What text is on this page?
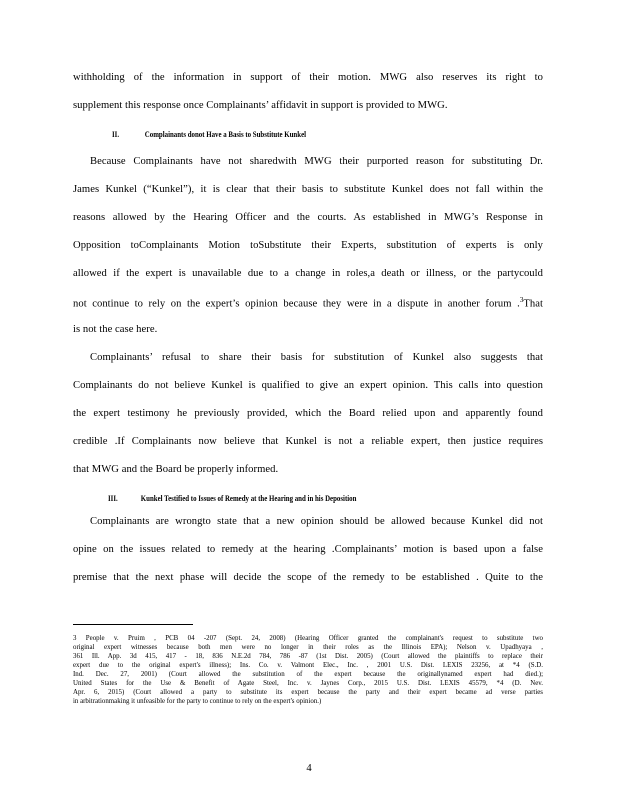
withholding of the information in support of their motion. MWG also reserves its right to
supplement this response once Complainants’ affidavit in support is provided to MWG.
II.	Complainants donot Have a Basis to Substitute Kunkel
Because Complainants have not sharedwith MWG their purported reason for substituting Dr.
James Kunkel (“Kunkel”), it is clear that their basis to substitute Kunkel does not fall within the
reasons allowed by the Hearing Officer and the courts. As established in MWG’s Response in
Opposition toComplainants Motion toSubstitute their Experts, substitution of experts is only
allowed if the expert is unavailable due to a change in roles,a death or illness, or the partycould
not continue to rely on the expert’s opinion because they were in a dispute in another forum .$^3$That
is not the case here.
Complainants’ refusal to share their basis for substitution of Kunkel also suggests that
Complainants do not believe Kunkel is qualified to give an expert opinion. This calls into question
the expert testimony he previously provided, which the Board relied upon and apparently found
credible .If Complainants now believe that Kunkel is not a reliable expert, then justice requires
that MWG and the Board be properly informed.
III.	Kunkel Testified to Issues of Remedy at the Hearing and in his Deposition
Complainants are wrongto state that a new opinion should be allowed because Kunkel did not
opine on the issues related to remedy at the hearing .Complainants’ motion is based upon a false
premise that the next phase will decide the scope of the remedy to be established . Quite to the
3 People v. Pruim , PCB 04 -207 (Sept. 24, 2008) (Hearing Officer granted the complainant's request to substitute two
original expert witnesses because both men were no longer in their roles as the Illinois EPA); Nelson v. Upadhyaya ,
361 Ill. App. 3d 415, 417 - 18, 836 N.E.2d 784, 786 -87 (1st Dist. 2005) (Court allowed the plaintiffs to replace their
expert due to the original expert's illness); Ins. Co. v. Valmont Elec., Inc. , 2001 U.S. Dist. LEXIS 23256, at *4 (S.D.
Ind. Dec. 27, 2001) (Court allowed the substitution of the expert because the originallynamed expert had died.);
United States for the Use & Benefit of Agate Steel, Inc. v. Jaynes Corp., 2015 U.S. Dist. LEXIS 45579, *4 (D. Nev.
Apr. 6, 2015) (Court allowed a party to substitute its expert because the party and their expert became ad verse parties
in arbitrationmaking it unfeasible for the party to continue to rely on the expert's opinion.)
4
